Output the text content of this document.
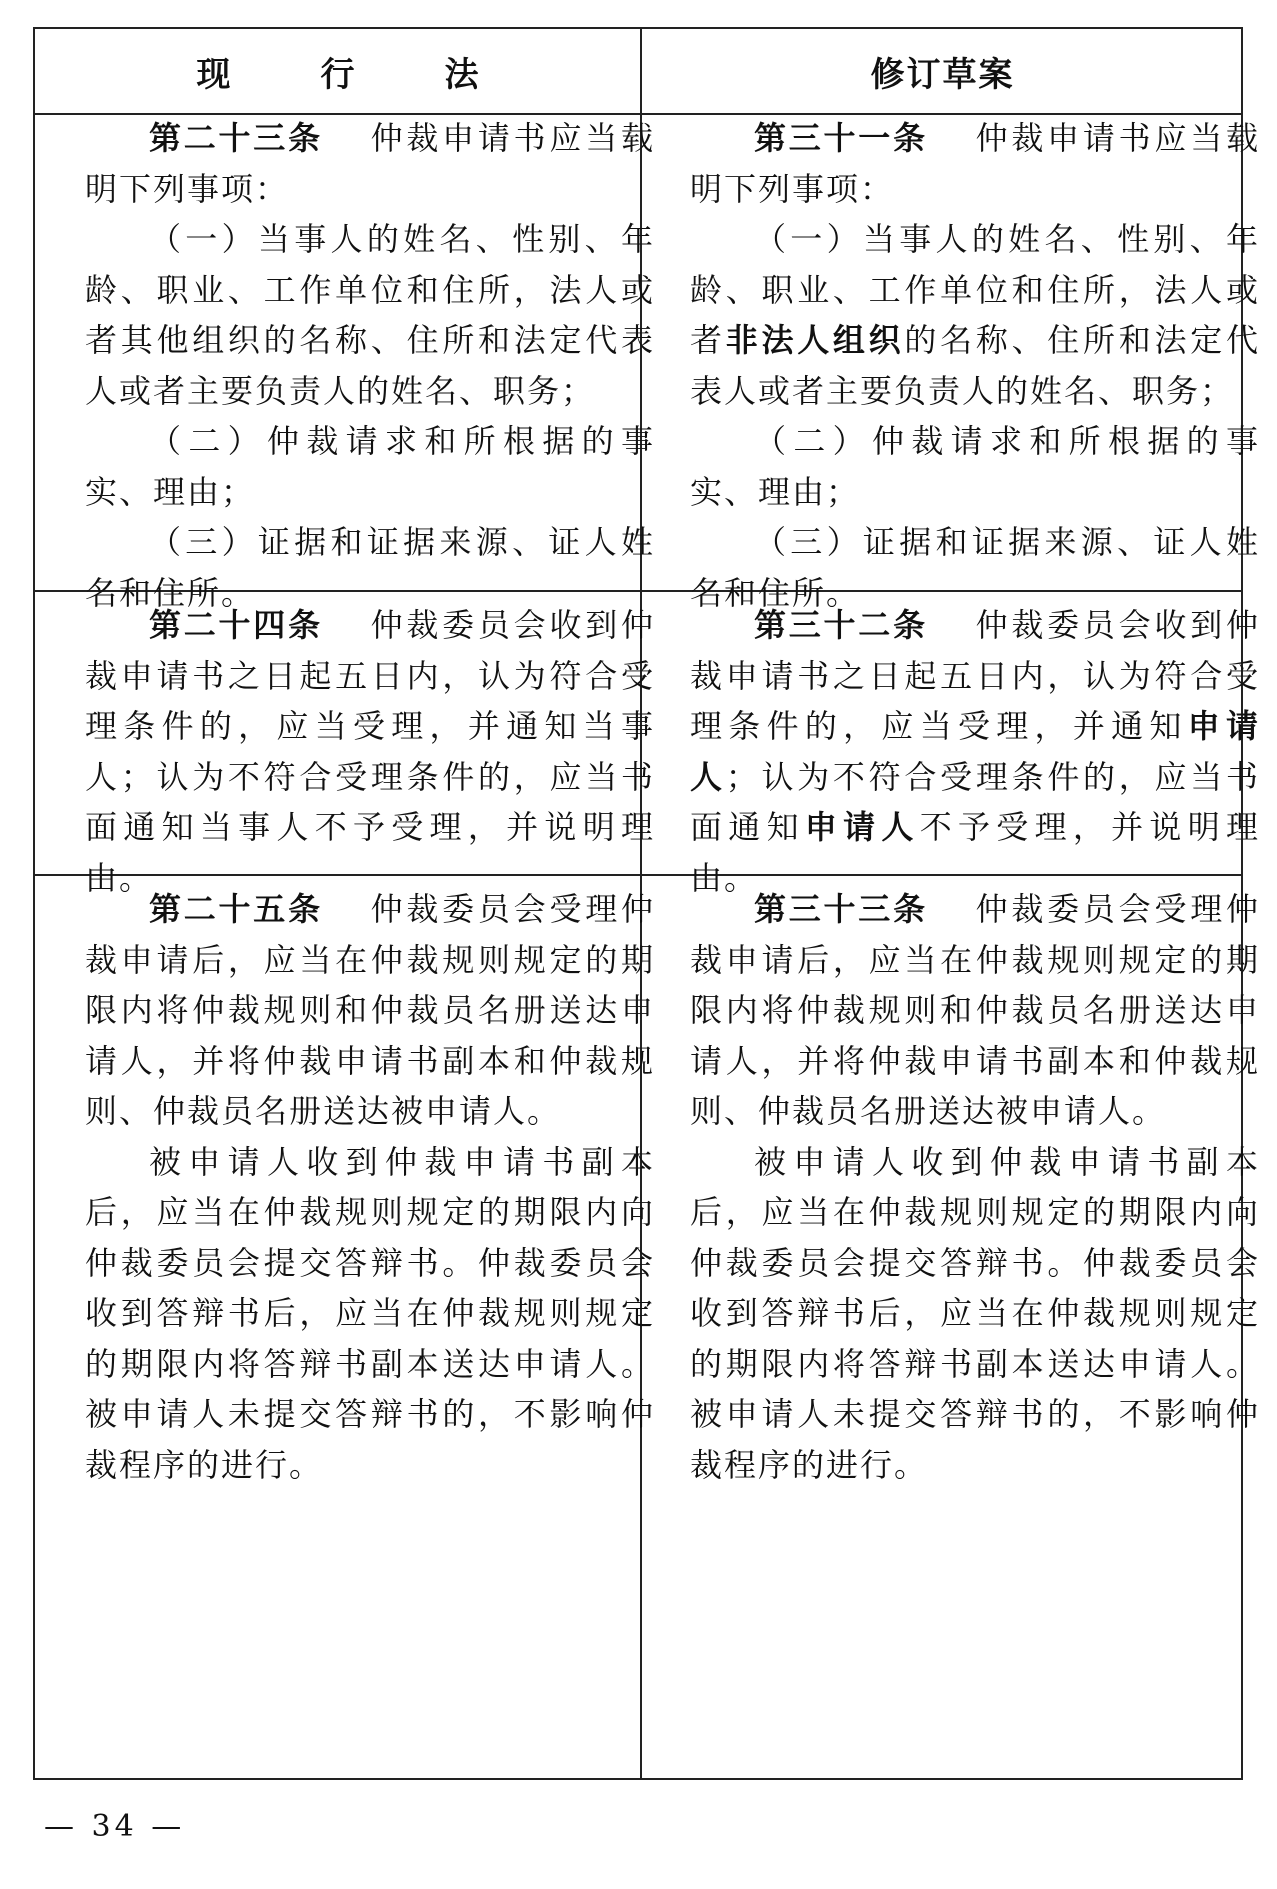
现　行　法	修订草案

第二十三条 仲裁申请书应当载明下列事项：

（一）当事人的姓名、性别、年龄、职业、工作单位和住所，法人或者其他组织的名称、住所和法定代表人或者主要负责人的姓名、职务；

（二）仲裁请求和所根据的事实、理由；

（三）证据和证据来源、证人姓名和住所。

第三十一条 仲裁申请书应当载明下列事项：

（一）当事人的姓名、性别、年龄、职业、工作单位和住所，法人或者非法人组织的名称、住所和法定代表人或者主要负责人的姓名、职务；

（二）仲裁请求和所根据的事实、理由；

（三）证据和证据来源、证人姓名和住所。

第二十四条 仲裁委员会收到仲裁申请书之日起五日内，认为符合受理条件的，应当受理，并通知当事人；认为不符合受理条件的，应当书面通知当事人不予受理，并说明理由。

第三十二条 仲裁委员会收到仲裁申请书之日起五日内，认为符合受理条件的，应当受理，并通知申请人；认为不符合受理条件的，应当书面通知申请人不予受理，并说明理由。

第二十五条 仲裁委员会受理仲裁申请后，应当在仲裁规则规定的期限内将仲裁规则和仲裁员名册送达申请人，并将仲裁申请书副本和仲裁规则、仲裁员名册送达被申请人。

被申请人收到仲裁申请书副本后，应当在仲裁规则规定的期限内向仲裁委员会提交答辩书。仲裁委员会收到答辩书后，应当在仲裁规则规定的期限内将答辩书副本送达申请人。被申请人未提交答辩书的，不影响仲裁程序的进行。

第三十三条 仲裁委员会受理仲裁申请后，应当在仲裁规则规定的期限内将仲裁规则和仲裁员名册送达申请人，并将仲裁申请书副本和仲裁规则、仲裁员名册送达被申请人。

被申请人收到仲裁申请书副本后，应当在仲裁规则规定的期限内向仲裁委员会提交答辩书。仲裁委员会收到答辩书后，应当在仲裁规则规定的期限内将答辩书副本送达申请人。被申请人未提交答辩书的，不影响仲裁程序的进行。

— 34 —
